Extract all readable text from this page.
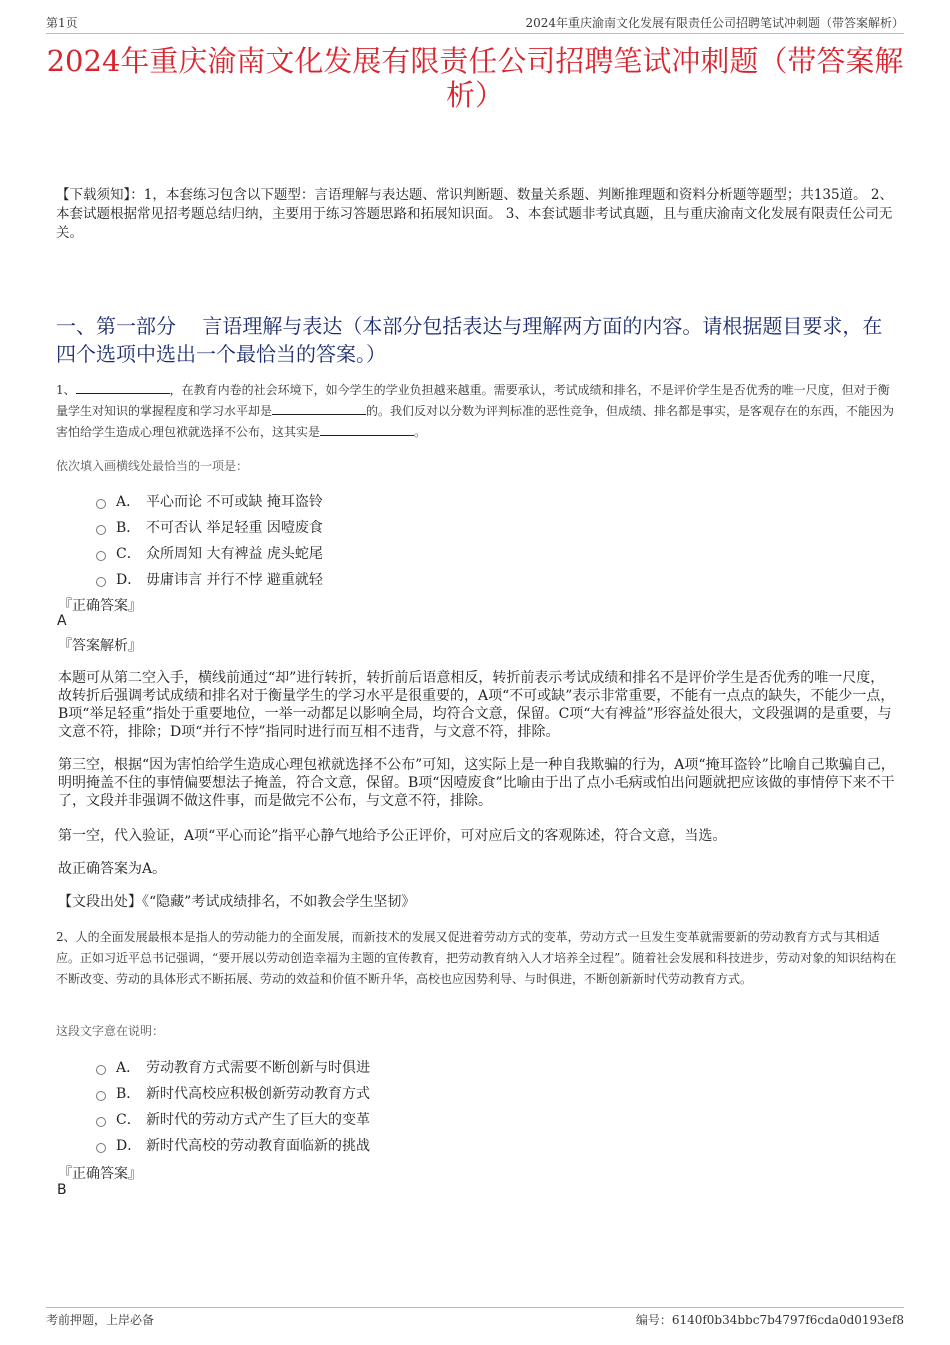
第1页	2024年重庆渝南文化发展有限责任公司招聘笔试冲刺题（带答案解析）
2024年重庆渝南文化发展有限责任公司招聘笔试冲刺题（带答案解析）
【下载须知】：1，本套练习包含以下题型：言语理解与表达题、常识判断题、数量关系题、判断推理题和资料分析题等题型；共135道。 2、本套试题根据常见招考题总结归纳，主要用于练习答题思路和拓展知识面。 3、本套试题非考试真题，且与重庆渝南文化发展有限责任公司无关。
一、第一部分　 言语理解与表达（本部分包括表达与理解两方面的内容。请根据题目要求，在四个选项中选出一个最恰当的答案。）
1、	，在教育内卷的社会环境下，如今学生的学业负担越来越重。需要承认，考试成绩和排名，不是评价学生是否优秀的唯一尺度，但对于衡量学生对知识的掌握程度和学习水平却是	的。我们反对以分数为评判标准的恶性竞争，但成绩、排名都是事实，是客观存在的东西，不能因为害怕给学生造成心理包袱就选择不公布，这其实是	。
依次填入画横线处最恰当的一项是：
A． 平心而论 不可或缺 掩耳盗铃
B． 不可否认 举足轻重 因噎废食
C． 众所周知 大有裨益 虎头蛇尾
D． 毋庸讳言 并行不悖 避重就轻
『正确答案』
A
『答案解析』
本题可从第二空入手，横线前通过“却”进行转折，转折前后语意相反，转折前表示考试成绩和排名不是评价学生是否优秀的唯一尺度，故转折后强调考试成绩和排名对于衡量学生的学习水平是很重要的，A项“不可或缺”表示非常重要，不能有一点点的缺失，不能少一点，B项“举足轻重”指处于重要地位，一举一动都足以影响全局，均符合文意，保留。C项“大有裨益”形容益处很大，文段强调的是重要，与文意不符，排除；D项“并行不悖”指同时进行而互相不违背，与文意不符，排除。
第三空，根据“因为害怕给学生造成心理包袱就选择不公布”可知，这实际上是一种自我欺骗的行为，A项“掩耳盗铃”比喻自己欺骗自己，明明掩盖不住的事情偏要想法子掩盖，符合文意，保留。B项“因噎废食”比喻由于出了点小毛病或怕出问题就把应该做的事情停下来不干了，文段并非强调不做这件事，而是做完不公布，与文意不符，排除。
第一空，代入验证，A项“平心而论”指平心静气地给予公正评价，可对应后文的客观陈述，符合文意，当选。
故正确答案为A。
【文段出处】《“隐藏”考试成绩排名，不如教会学生坚韧》
2、人的全面发展最根本是指人的劳动能力的全面发展，而新技术的发展又促进着劳动方式的变革，劳动方式一旦发生变革就需要新的劳动教育方式与其相适应。正如习近平总书记强调，“要开展以劳动创造幸福为主题的宣传教育，把劳动教育纳入人才培养全过程”。随着社会发展和科技进步，劳动对象的知识结构在不断改变、劳动的具体形式不断拓展、劳动的效益和价值不断升华，高校也应因势利导、与时俱进，不断创新新时代劳动教育方式。
这段文字意在说明：
A． 劳动教育方式需要不断创新与时俱进
B． 新时代高校应积极创新劳动教育方式
C． 新时代的劳动方式产生了巨大的变革
D． 新时代高校的劳动教育面临新的挑战
『正确答案』
B
考前押题，上岸必备	编号：6140f0b34bbc7b4797f6cda0d0193ef8
